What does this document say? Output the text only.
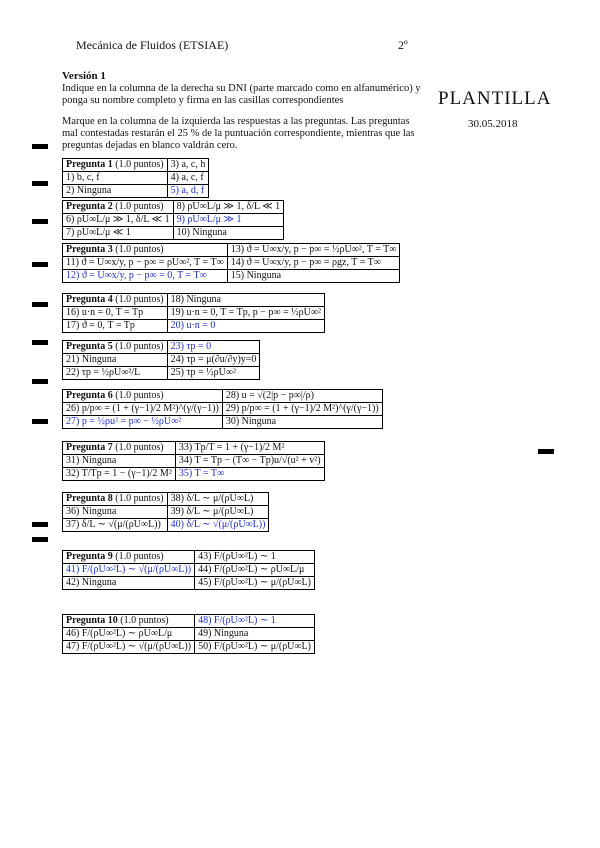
Mecánica de Fluidos (ETSIAE)	2º
Versión 1
Indique en la columna de la derecha su DNI (parte marcado como en alfanumérico) y ponga su nombre completo y firma en las casillas correspondientes
Marque en la columna de la izquierda las respuestas a las preguntas. Las preguntas mal contestadas restarán el 25 % de la puntuación correspondiente, mientras que las preguntas dejadas en blanco valdrán cero.
PLANTILLA
30.05.2018
Pregunta 1 (1.0 puntos)	3) a, c, h
1) b, c, f	4) a, c, f
2) Ninguna	5) a, d, f
Pregunta 2 (1.0 puntos)	8) ρU∞L/μ ≫ 1, δ/L ≪ 1
6) ρU∞L/μ ≫ 1, δ/L ≪ 1	9) ρU∞L/μ ≫ 1
7) ρU∞L/μ ≪ 1	10) Ninguna
Pregunta 3 (1.0 puntos)	13) ϑ = U∞x/y, p − p∞ = ½ρU∞², T = T∞
11) ϑ = U∞x/y, p − p∞ = ρU∞², T = T∞	14) ϑ = U∞x/y, p − p∞ = ρgz, T = T∞
12) ϑ = U∞x/y, p − p∞ = 0, T = T∞	15) Ninguna
Pregunta 4 (1.0 puntos)	18) Ninguna
16) u·n = 0, T = Tp	19) u·n = 0, T = Tp, p − p∞ = ½ρU∞²
17) ϑ = 0, T = Tp	20) u·n = 0
Pregunta 5 (1.0 puntos)	23) τp = 0
21) Ninguna	24) τp = μ(∂u/∂y)y=0
22) τp = ½ρU∞²/L	25) τp = ½ρU∞²
Pregunta 6 (1.0 puntos)	28) u = √(2|p − p∞|/ρ)
26) p/p∞ = (1 + (γ−1)/2 M²)^(γ/(γ−1))	29) p/p∞ = (1 + (γ−1)/2 M²)^(γ/(γ−1))
27) p = ½ρu² = p∞ − ½ρU∞²	30) Ninguna
Pregunta 7 (1.0 puntos)	33) Tp/T = 1 + (γ−1)/2 M²
31) Ninguna	34) T = Tp − (T∞ − Tp)u/√(u² + v²)
32) T/Tp = 1 − (γ−1)/2 M²	35) T = T∞
Pregunta 8 (1.0 puntos)	38) δ/L ∼ μ/(ρU∞L)
36) Ninguna	39) δ/L ∼ μ/(ρU∞L)
37) δ/L ∼ √(μ/(ρU∞L))	40) δ/L ∼ √(μ/(ρU∞L))
Pregunta 9 (1.0 puntos)	43) F/(ρU∞²L) ∼ 1
41) F/(ρU∞²L) ∼ √(μ/(ρU∞L))	44) F/(ρU∞²L) ∼ ρU∞L/μ
42) Ninguna	45) F/(ρU∞²L) ∼ μ/(ρU∞L)
Pregunta 10 (1.0 puntos)	48) F/(ρU∞²L) ∼ 1
46) F/(ρU∞²L) ∼ ρU∞L/μ	49) Ninguna
47) F/(ρU∞²L) ∼ √(μ/(ρU∞L))	50) F/(ρU∞²L) ∼ μ/(ρU∞L)
